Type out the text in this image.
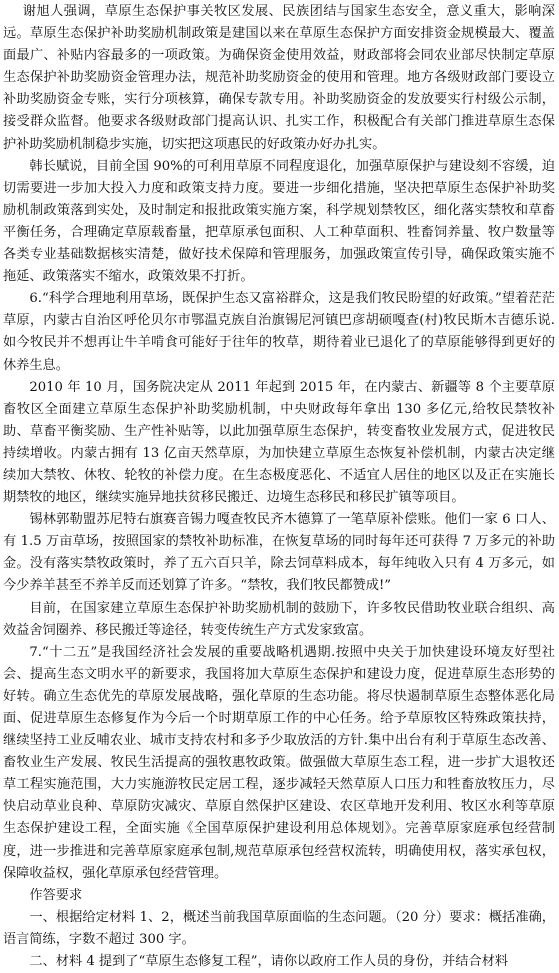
谢旭人强调，草原生态保护事关牧区发展、民族团结与国家生态安全，意义重大，影响深远。草原生态保护补助奖励机制政策是建国以来在草原生态保护方面安排资金规模最大、覆盖面最广、补贴内容最多的一项政策。为确保资金使用效益，财政部将会同农业部尽快制定草原生态保护补助奖励资金管理办法，规范补助奖励资金的使用和管理。地方各级财政部门要设立补助奖励资金专账，实行分项核算，确保专款专用。补助奖励资金的发放要实行村级公示制，接受群众监督。他要求各级财政部门提高认识、扎实工作，积极配合有关部门推进草原生态保护补助奖励机制稳步实施，切实把这项惠民的好政策办好办扎实。

韩长赋说，目前全国 90%的可利用草原不同程度退化，加强草原保护与建设刻不容缓，迫切需要进一步加大投入力度和政策支持力度。要进一步细化措施，坚决把草原生态保护补助奖励机制政策落到实处，及时制定和报批政策实施方案，科学规划禁牧区，细化落实禁牧和草畜平衡任务，合理确定草原载畜量，把草原承包面积、人工种草面积、牲畜饲养量、牧户数量等各类专业基础数据核实清楚，做好技术保障和管理服务，加强政策宣传引导，确保政策实施不拖延、政策落实不缩水，政策效果不打折。

6.“科学合理地利用草场，既保护生态又富裕群众，这是我们牧民盼望的好政策。”望着茫茫草原，内蒙古自治区呼伦贝尔市鄂温克族自治旗锡尼河镇巴彦胡硕嘎查(村)牧民斯木吉德乐说.如今牧民并不想再让牛羊啃食可能好于往年的牧草，期待着业已退化了的草原能够得到更好的休养生息。

2010 年 10 月，国务院决定从 2011 年起到 2015 年，在内蒙古、新疆等 8 个主要草原畜牧区全面建立草原生态保护补助奖励机制，中央财政每年拿出 130 多亿元,给牧民禁牧补助、草畜平衡奖励、生产性补贴等，以此加强草原生态保护，转变畜牧业发展方式，促进牧民持续增收。内蒙古拥有 13 亿亩天然草原，为加快建立草原生态恢复补偿机制，内蒙古决定继续加大禁牧、休牧、轮牧的补偿力度。在生态极度恶化、不适宜人居住的地区以及正在实施长期禁牧的地区，继续实施异地扶贫移民搬迁、边境生态移民和移民扩镇等项目。

锡林郭勒盟苏尼特右旗赛音锡力嘎查牧民齐木德算了一笔草原补偿账。他们一家 6 口人、有 1.5 万亩草场，按照国家的禁牧补助标准，在恢复草场的同时每年还可获得 7 万多元的补助金。没有落实禁牧政策时，养了五六百只羊，除去饲草料成本，每年纯收入只有 4 万多元，如今少养羊甚至不养羊反而还划算了许多。“禁牧，我们牧民都赞成!”

目前，在国家建立草原生态保护补助奖励机制的鼓励下，许多牧民借助牧业联合组织、高效益舍饲圈养、移民搬迁等途径，转变传统生产方式发家致富。

7.“十二五”是我国经济社会发展的重要战略机遇期.按照中央关于加快建设环境友好型社会、提高生态文明水平的新要求，我国将加大草原生态保护和建设力度，促进草原生态形势的好转。确立生态优先的草原发展战略，强化草原的生态功能。将尽快遏制草原生态整体恶化局面、促进草原生态修复作为今后一个时期草原工作的中心任务。给予草原牧区特殊政策扶持，继续坚持工业反哺农业、城市支持农村和多予少取放活的方针.集中出台有利于草原生态改善、畜牧业生产发展、牧民生活提高的强牧惠牧政策。做强做大草原生态工程，进一步扩大退牧还草工程实施范围，大力实施游牧民定居工程，逐步减轻天然草原人口压力和牲畜放牧压力，尽快启动草业良种、草原防灾减灾、草原自然保护区建设、农区草地开发利用、牧区水利等草原生态保护建设工程，全面实施《全国草原保护建设利用总体规划》。完善草原家庭承包经营制度，进一步推进和完善草原家庭承包制,规范草原承包经营权流转，明确使用权，落实承包权，保障收益权，强化草原承包经营管理。

作答要求

一、根据给定材料 1、2，概述当前我国草原面临的生态问题。（20 分）要求：概括准确，语言简练，字数不超过 300 字。

二、材料 4 提到了“草原生态修复工程”，请你以政府工作人员的身份，并结合材料
